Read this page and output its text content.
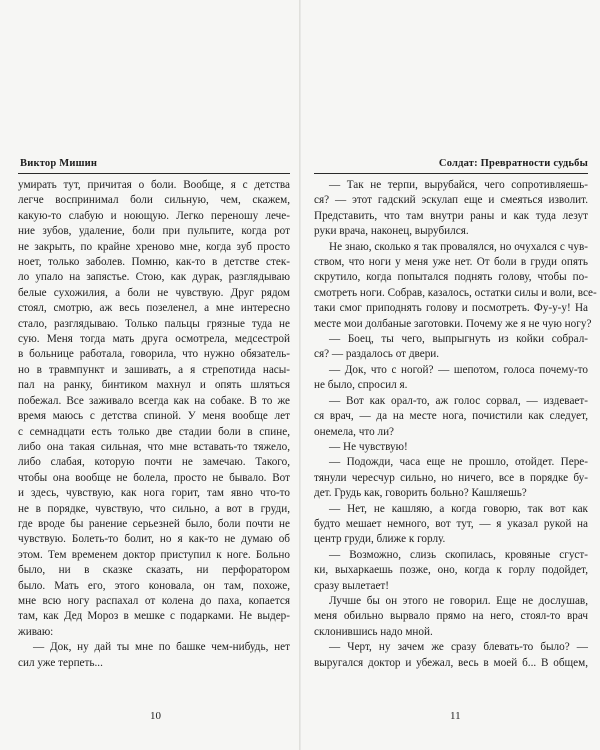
Виктор Мишин
умирать тут, причитая о боли. Вообще, я с детства
легче воспринимал боли сильную, чем, скажем,
какую-то слабую и ноющую. Легко переношу лече-
ние зубов, удаление, боли при пульпите, когда рот
не закрыть, по крайне хреново мне, когда зуб просто
ноет, только заболев. Помню, как-то в детстве стек-
ло упало на запястье. Стою, как дурак, разглядываю
белые сухожилия, а боли не чувствую. Друг рядом
стоял, смотрю, аж весь позеленел, а мне интересно
стало, разглядываю. Только пальцы грязные туда не
сую. Меня тогда мать друга осмотрела, медсестрой
в больнице работала, говорила, что нужно обязатель-
но в травмпункт и зашивать, а я стрепотида насы-
пал на ранку, бинтиком махнул и опять шляться
побежал. Все заживало всегда как на собаке. В то же
время маюсь с детства спиной. У меня вообще лет
с семнадцати есть только две стадии боли в спине,
либо она такая сильная, что мне вставать-то тяжело,
либо слабая, которую почти не замечаю. Такого,
чтобы она вообще не болела, просто не бывало. Вот
и здесь, чувствую, как нога горит, там явно что-то
не в порядке, чувствую, что сильно, а вот в груди,
где вроде бы ранение серьезней было, боли почти не
чувствую. Болеть-то болит, но я как-то не думаю об
этом. Тем временем доктор приступил к ноге. Больно
было, ни в сказке сказать, ни перфоратором
было. Мать его, этого коновала, он там, похоже,
мне всю ногу распахал от колена до паха, копается
там, как Дед Мороз в мешке с подарками. Не выдер-
живаю:
— Док, ну дай ты мне по башке чем-нибудь, нет
сил уже терпеть...
10
Солдат: Превратности судьбы
— Так не терпи, вырубайся, чего сопротивляешь-
ся? — этот гадский эскулап еще и смеяться изволит.
Представить, что там внутри раны и как туда лезут
руки врача, наконец, вырубился.
Не знаю, сколько я так провалялся, но очухался с чув-
ством, что ноги у меня уже нет. От боли в груди опять
скрутило, когда попытался поднять голову, чтобы по-
смотреть ноги. Собрав, казалось, остатки силы и воли, все-
таки смог приподнять голову и посмотреть. Фу-у-у! На
месте мои долбаные заготовки. Почему же я не чую ногу?
— Боец, ты чего, выпрыгнуть из койки собрал-
ся? — раздалось от двери.
— Док, что с ногой? — шепотом, голоса почему-то
не было, спросил я.
— Вот как орал-то, аж голос сорвал, — издевает-
ся врач, — да на месте нога, почистили как следует,
онемела, что ли?
— Не чувствую!
— Подожди, часа еще не прошло, отойдет. Пере-
тянули чересчур сильно, но ничего, все в порядке бу-
дет. Грудь как, говорить больно? Кашляешь?
— Нет, не кашляю, а когда говорю, так вот как
будто мешает немного, вот тут, — я указал рукой на
центр груди, ближе к горлу.
— Возможно, слизь скопилась, кровяные сгуст-
ки, выхаркаешь позже, оно, когда к горлу подойдет,
сразу вылетает!
Лучше бы он этого не говорил. Еще не дослушав,
меня обильно вырвало прямо на него, стоял-то врач
склонившись надо мной.
— Черт, ну зачем же сразу блевать-то было? —
выругался доктор и убежал, весь в моей б... В общем,
11
